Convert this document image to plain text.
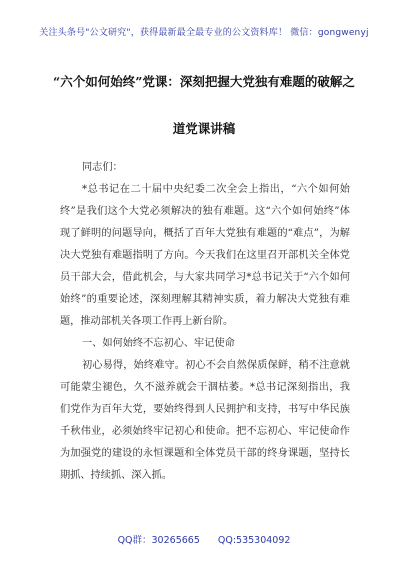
关注头条号"公文研究"，获得最新最全最专业的公文资料库！ 微信：gongwenyj
“六个如何始终”党课：深刻把握大党独有难题的破解之
道党课讲稿

同志们：

*总书记在二十届中央纪委二次全会上指出，“六个如何始终”是我们这个大党必须解决的独有难题。这“六个如何始终”体现了鲜明的问题导向，概括了百年大党独有难题的“难点”，为解决大党独有难题指明了方向。今天我们在这里召开部机关全体党员干部大会，借此机会，与大家共同学习*总书记关于“六个如何始终”的重要论述，深刻理解其精神实质，着力解决大党独有难题，推动部机关各项工作再上新台阶。

一、如何始终不忘初心、牢记使命

初心易得，始终难守。初心不会自然保质保鲜，稍不注意就可能蒙尘褪色，久不滋养就会干涸枯萎。*总书记深刻指出，我们党作为百年大党，要始终得到人民拥护和支持，书写中华民族千秋伟业，必须始终牢记初心和使命。把不忘初心、牢记使命作为加强党的建设的永恒课题和全体党员干部的终身课题，坚持长期抓、持续抓、深入抓。

QQ群：30265665 QQ:535304092
